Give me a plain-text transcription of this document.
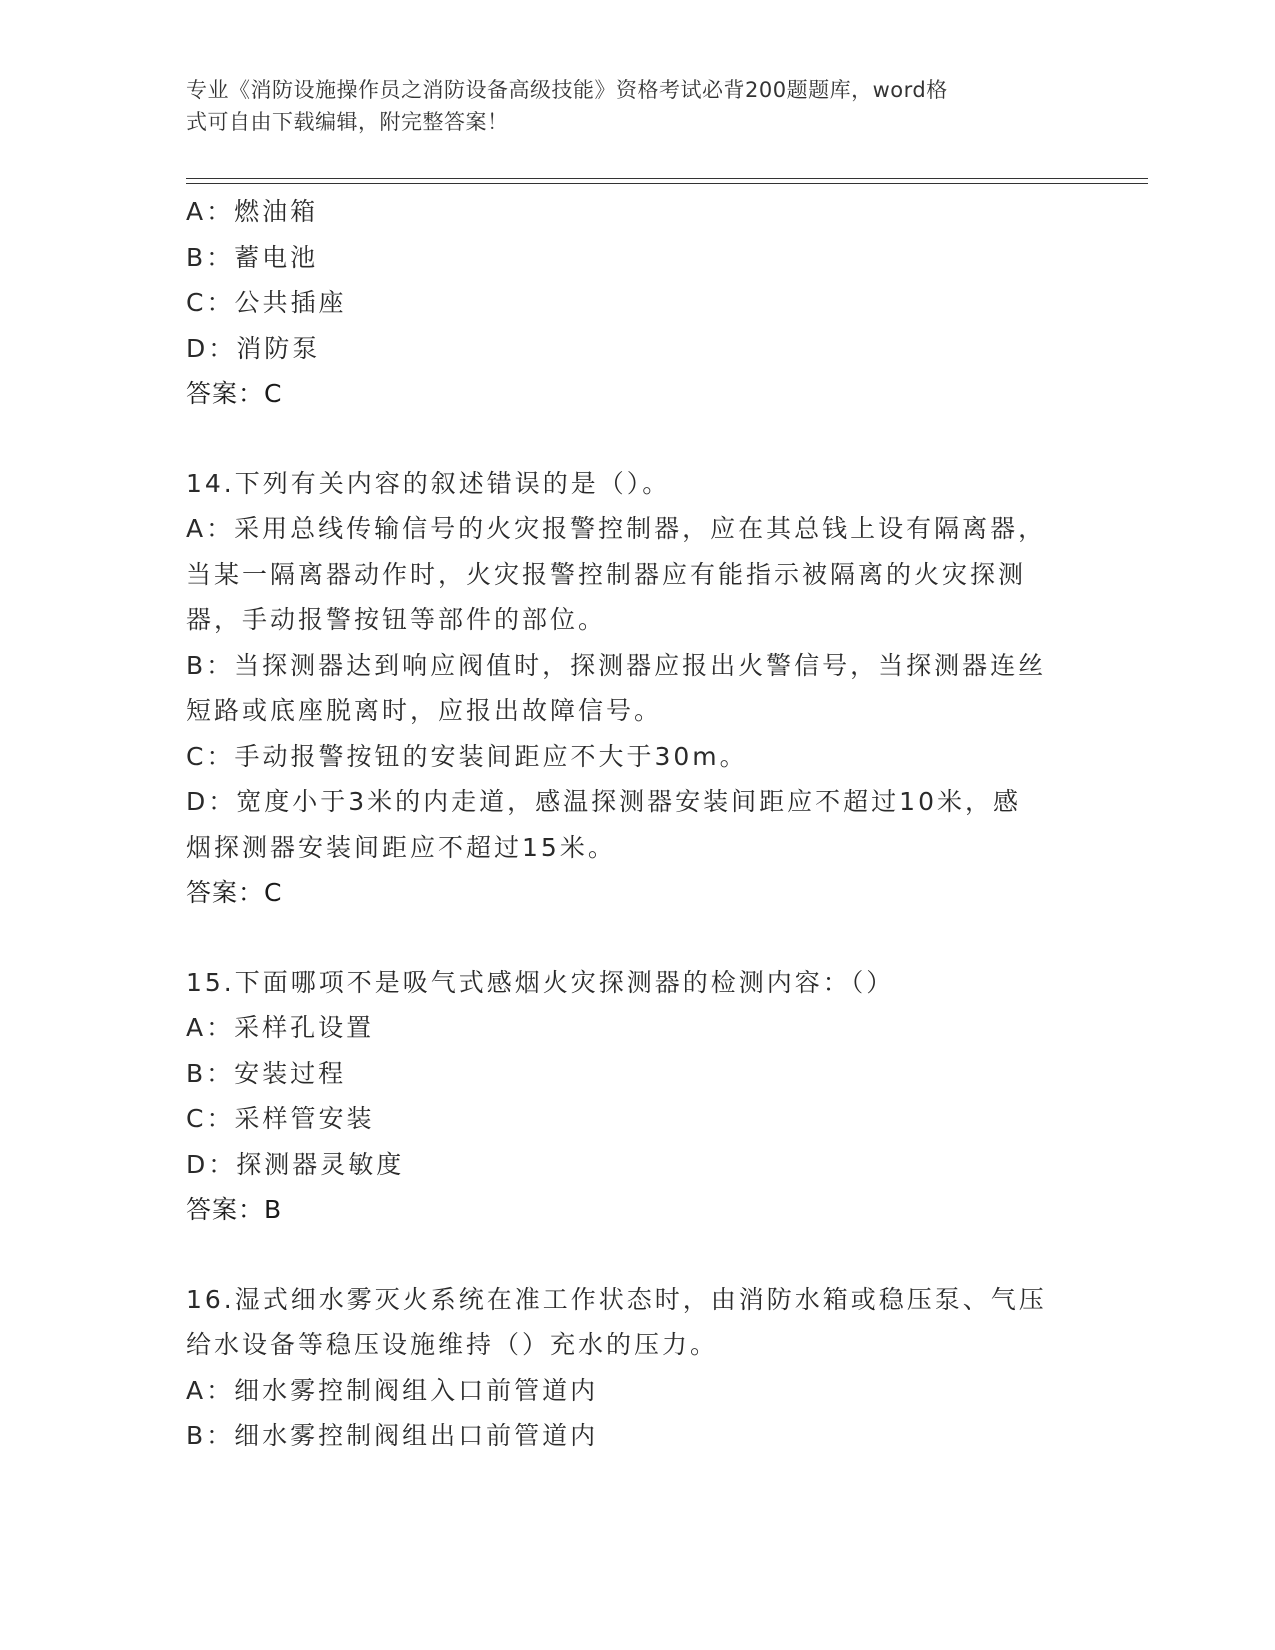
专业《消防设施操作员之消防设备高级技能》资格考试必背200题题库，word格
式可自由下载编辑，附完整答案！
A：燃油箱
B：蓄电池
C：公共插座
D：消防泵
答案：C
14.下列有关内容的叙述错误的是（）。
A：采用总线传输信号的火灾报警控制器，应在其总钱上设有隔离器，
当某一隔离器动作时，火灾报警控制器应有能指示被隔离的火灾探测
器，手动报警按钮等部件的部位。
B：当探测器达到响应阀值时，探测器应报出火警信号，当探测器连丝
短路或底座脱离时，应报出故障信号。
C：手动报警按钮的安装间距应不大于30m。
D：宽度小于3米的内走道，感温探测器安装间距应不超过10米，感
烟探测器安装间距应不超过15米。
答案：C
15.下面哪项不是吸气式感烟火灾探测器的检测内容：（）
A：采样孔设置
B：安装过程
C：采样管安装
D：探测器灵敏度
答案：B
16.湿式细水雾灭火系统在准工作状态时，由消防水箱或稳压泵、气压
给水设备等稳压设施维持（）充水的压力。
A：细水雾控制阀组入口前管道内
B：细水雾控制阀组出口前管道内
